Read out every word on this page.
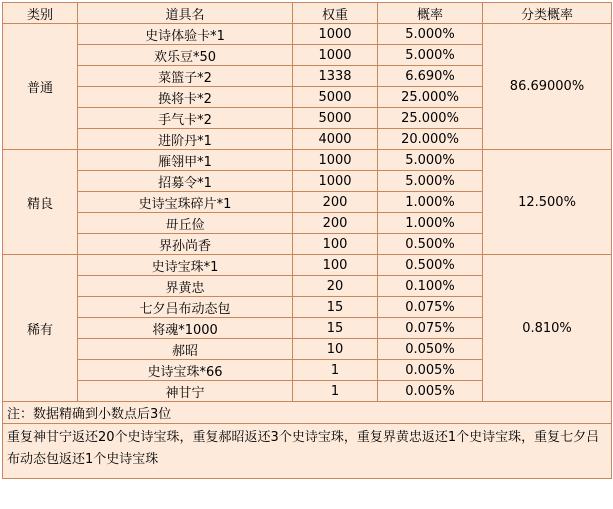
类别	道具名	权重	概率	分类概率
普通	史诗体验卡*1	1000	5.000%	86.69000%
	欢乐豆*50	1000	5.000%	
	菜篮子*2	1338	6.690%	
	换将卡*2	5000	25.000%	
	手气卡*2	5000	25.000%	
	进阶丹*1	4000	20.000%	
精良	雁翎甲*1	1000	5.000%	12.500%
	招募令*1	1000	5.000%	
	史诗宝珠碎片*1	200	1.000%	
	毌丘俭	200	1.000%	
	界孙尚香	100	0.500%	
稀有	史诗宝珠*1	100	0.500%	0.810%
	界黄忠	20	0.100%	
	七夕吕布动态包	15	0.075%	
	将魂*1000	15	0.075%	
	郝昭	10	0.050%	
	史诗宝珠*66	1	0.005%	
	神甘宁	1	0.005%	
注：数据精确到小数点后3位				
重复神甘宁返还20个史诗宝珠，重复郝昭返还3个史诗宝珠，重复界黄忠返还1个史诗宝珠，重复七夕吕布动态包返还1个史诗宝珠				
